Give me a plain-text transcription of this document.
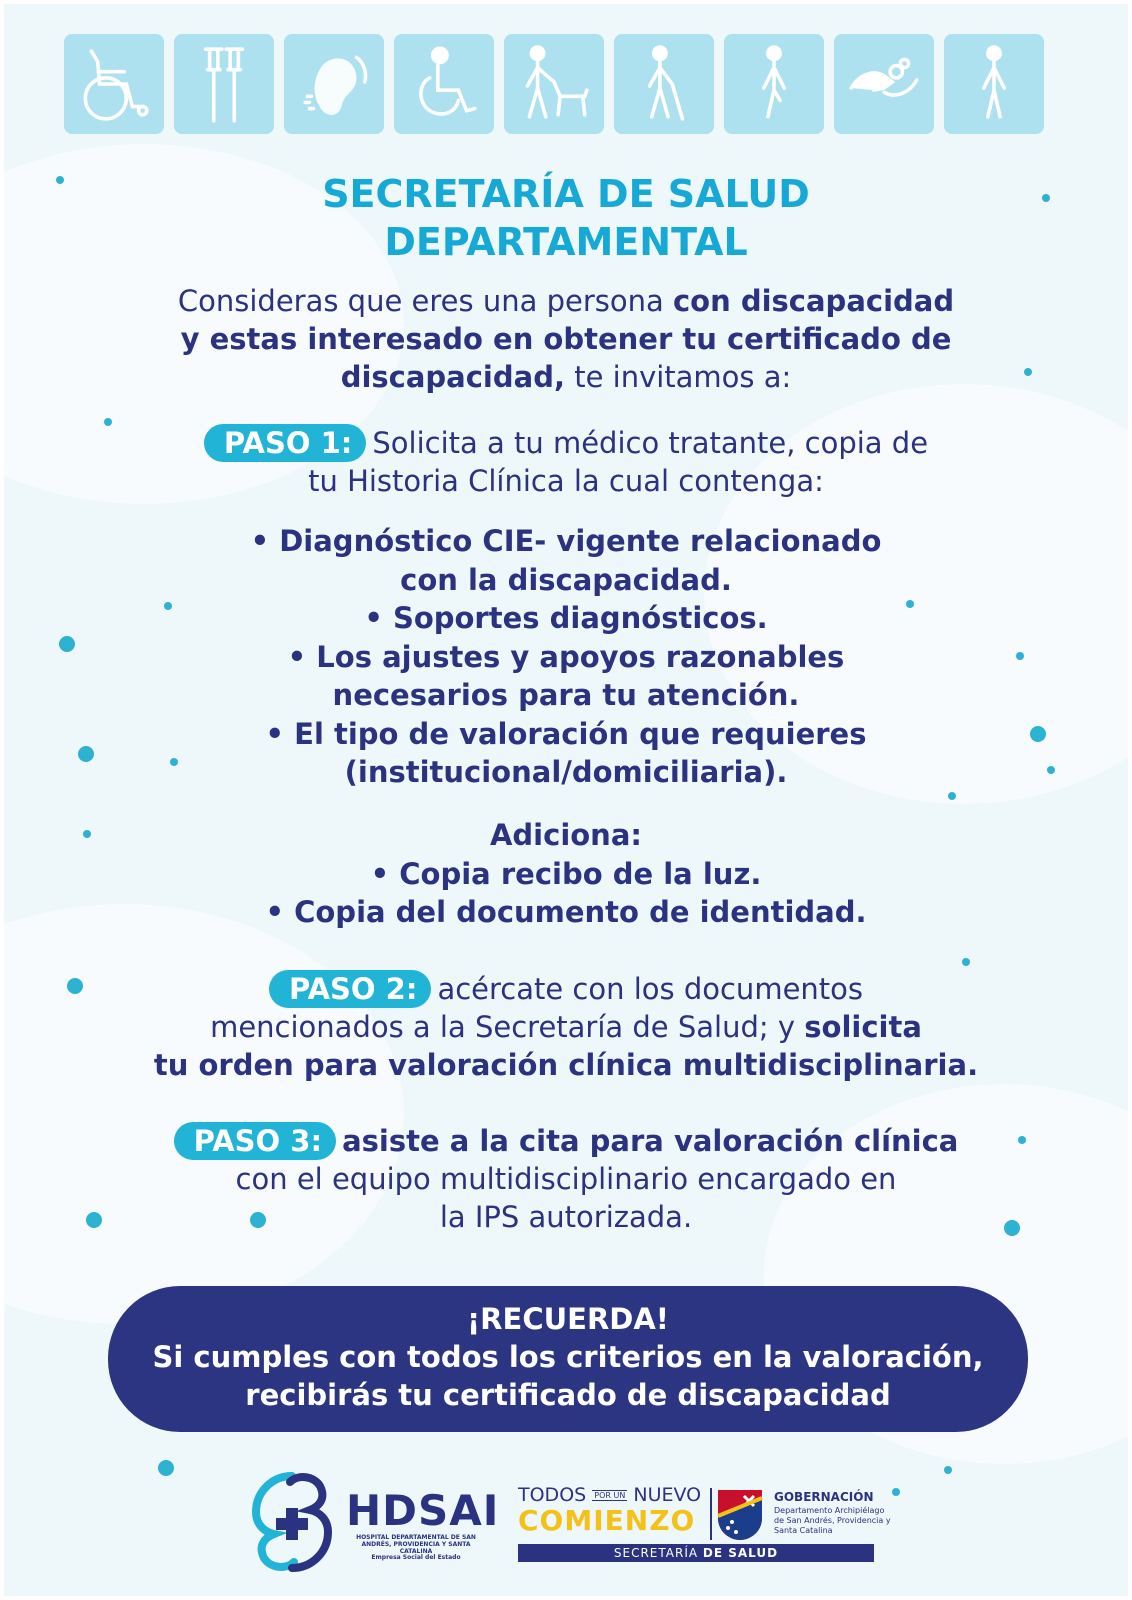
SECRETARÍA DE SALUD
DEPARTAMENTAL
Consideras que eres una persona con discapacidad
y estas interesado en obtener tu certificado de
discapacidad, te invitamos a:
PASO 1: Solicita a tu médico tratante, copia de
tu Historia Clínica la cual contenga:
• Diagnóstico CIE- vigente relacionado
con la discapacidad.
• Soportes diagnósticos.
• Los ajustes y apoyos razonables
necesarios para tu atención.
• El tipo de valoración que requieres
(institucional/domiciliaria).
Adiciona:
• Copia recibo de la luz.
• Copia del documento de identidad.
PASO 2: acércate con los documentos
mencionados a la Secretaría de Salud; y solicita
tu orden para valoración clínica multidisciplinaria.
PASO 3: asiste a la cita para valoración clínica
con el equipo multidisciplinario encargado en
la IPS autorizada.
¡RECUERDA!
Si cumples con todos los criterios en la valoración,
recibirás tu certificado de discapacidad
HDSAI
HOSPITAL DEPARTAMENTAL DE SAN ANDRÉS, PROVIDENCIA Y SANTA CATALINA
Empresa Social del Estado
TODOS POR UN NUEVO
COMIENZO
GOBERNACIÓN
Departamento Archipiélago de San Andrés, Providencia y Santa Catalina
SECRETARÍA DE SALUD
